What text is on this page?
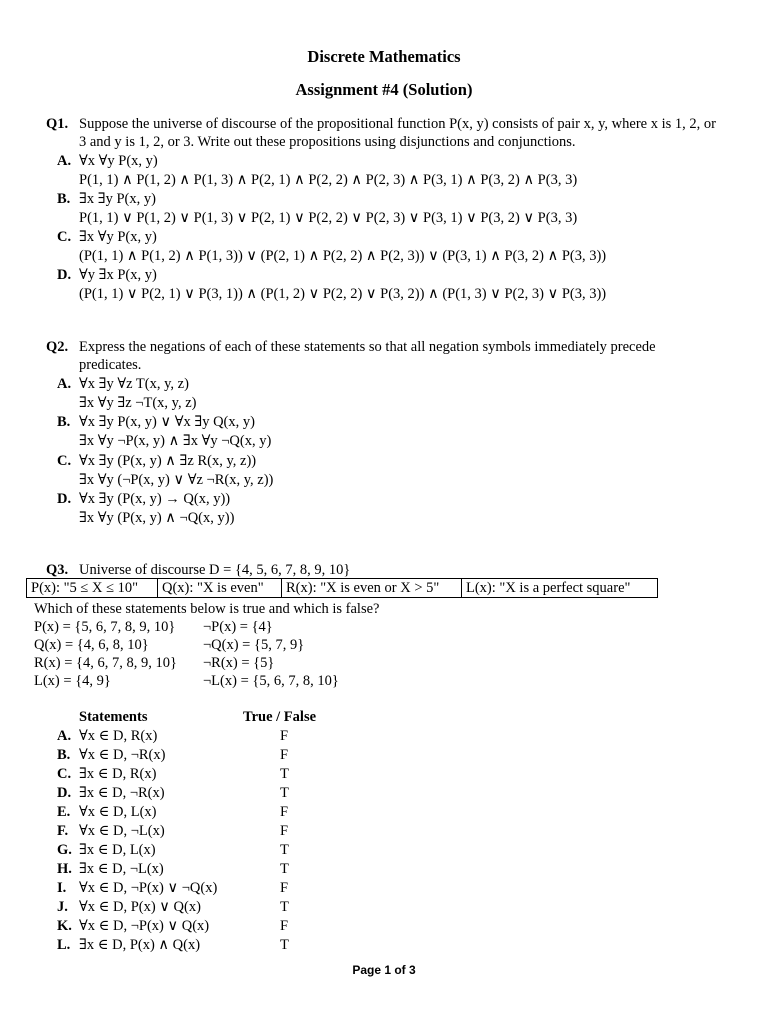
Discrete Mathematics
Assignment #4 (Solution)
Q1. Suppose the universe of discourse of the propositional function P(x, y) consists of pair x, y, where x is 1, 2, or
3 and y is 1, 2, or 3. Write out these propositions using disjunctions and conjunctions.
A. ∀x ∀y P(x, y)
P(1, 1) ∧ P(1, 2) ∧ P(1, 3) ∧ P(2, 1) ∧ P(2, 2) ∧ P(2, 3) ∧ P(3, 1) ∧ P(3, 2) ∧ P(3, 3)
B. ∃x ∃y P(x, y)
P(1, 1) ∨ P(1, 2) ∨ P(1, 3) ∨ P(2, 1) ∨ P(2, 2) ∨ P(2, 3) ∨ P(3, 1) ∨ P(3, 2) ∨ P(3, 3)
C. ∃x ∀y P(x, y)
(P(1, 1) ∧ P(1, 2) ∧ P(1, 3)) ∨ (P(2, 1) ∧ P(2, 2) ∧ P(2, 3)) ∨ (P(3, 1) ∧ P(3, 2) ∧ P(3, 3))
D. ∀y ∃x P(x, y)
(P(1, 1) ∨ P(2, 1) ∨ P(3, 1)) ∧ (P(1, 2) ∨ P(2, 2) ∨ P(3, 2)) ∧ (P(1, 3) ∨ P(2, 3) ∨ P(3, 3))
Q2. Express the negations of each of these statements so that all negation symbols immediately precede
predicates.
A. ∀x ∃y ∀z T(x, y, z)
∃x ∀y ∃z ¬T(x, y, z)
B. ∀x ∃y P(x, y) ∨ ∀x ∃y Q(x, y)
∃x ∀y ¬P(x, y) ∧ ∃x ∀y ¬Q(x, y)
C. ∀x ∃y (P(x, y) ∧ ∃z R(x, y, z))
∃x ∀y (¬P(x, y) ∨ ∀z ¬R(x, y, z))
D. ∀x ∃y (P(x, y) → Q(x, y))
∃x ∀y (P(x, y) ∧ ¬Q(x, y))
Q3. Universe of discourse D = {4, 5, 6, 7, 8, 9, 10}
P(x): "5 ≤ X ≤ 10"	Q(x): "X is even"	R(x): "X is even or X > 5"	L(x): "X is a perfect square"
Which of these statements below is true and which is false?
P(x) = {5, 6, 7, 8, 9, 10} ¬P(x) = {4}
Q(x) = {4, 6, 8, 10}	¬Q(x) = {5, 7, 9}
R(x) = {4, 6, 7, 8, 9, 10} ¬R(x) = {5}
L(x) = {4, 9}	¬L(x) = {5, 6, 7, 8, 10}
Statements	True / False
A. ∀x ∈ D, R(x)	F
B. ∀x ∈ D, ¬R(x)	F
C. ∃x ∈ D, R(x)	T
D. ∃x ∈ D, ¬R(x)	T
E. ∀x ∈ D, L(x)	F
F. ∀x ∈ D, ¬L(x)	F
G. ∃x ∈ D, L(x)	T
H. ∃x ∈ D, ¬L(x)	T
I. ∀x ∈ D, ¬P(x) ∨ ¬Q(x)	F
J. ∀x ∈ D, P(x) ∨ Q(x)	T
K. ∀x ∈ D, ¬P(x) ∨ Q(x)	F
L. ∃x ∈ D, P(x) ∧ Q(x)	T
Page 1 of 3
